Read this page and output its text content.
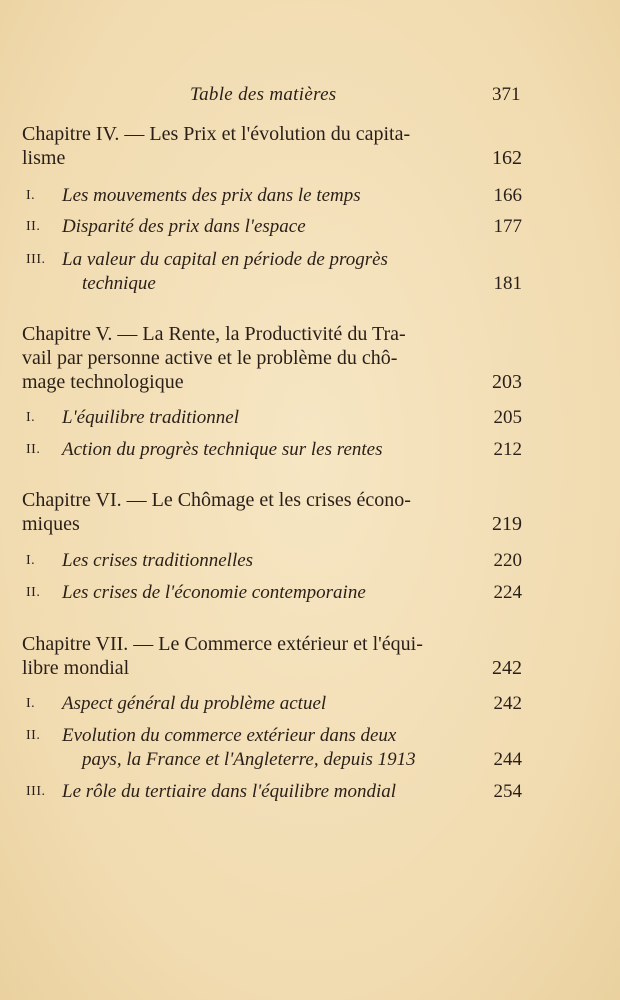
Table des matières	371
Chapitre IV. — Les Prix et l'évolution du capita-
lisme	162
I. Les mouvements des prix dans le temps	166
II. Disparité des prix dans l'espace	177
III. La valeur du capital en période de progrès
technique	181
Chapitre V. — La Rente, la Productivité du Tra-
vail par personne active et le problème du chô-
mage technologique	203
I. L'équilibre traditionnel	205
II. Action du progrès technique sur les rentes	212
Chapitre VI. — Le Chômage et les crises écono-
miques	219
I. Les crises traditionnelles	220
II. Les crises de l'économie contemporaine	224
Chapitre VII. — Le Commerce extérieur et l'équi-
libre mondial	242
I. Aspect général du problème actuel	242
II. Evolution du commerce extérieur dans deux
pays, la France et l'Angleterre, depuis 1913	244
III. Le rôle du tertiaire dans l'équilibre mondial	254
